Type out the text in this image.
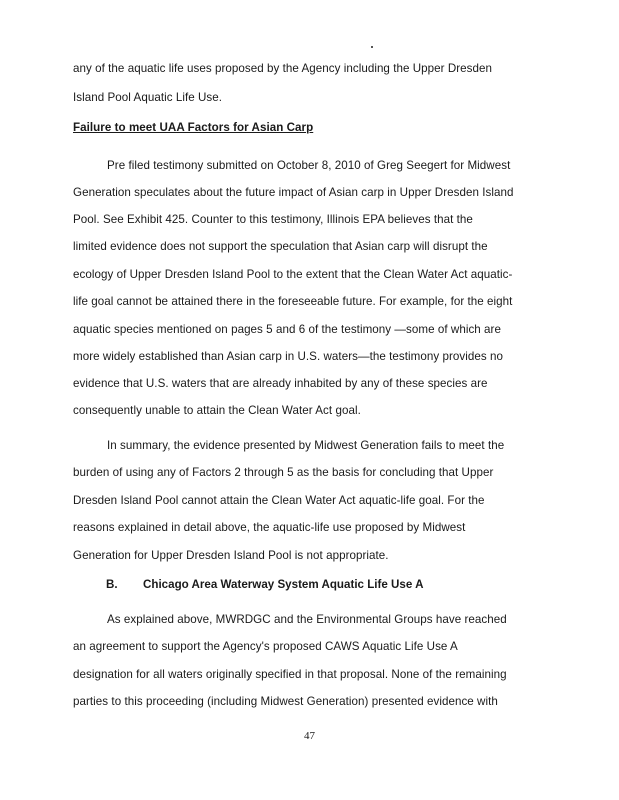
any of the aquatic life uses proposed by the Agency including the Upper Dresden
Island Pool Aquatic Life Use.
Failure to meet UAA Factors for Asian Carp
Pre filed testimony submitted on October 8, 2010 of Greg Seegert for Midwest
Generation speculates about the future impact of Asian carp in Upper Dresden Island
Pool. See Exhibit 425. Counter to this testimony, Illinois EPA believes that the
limited evidence does not support the speculation that Asian carp will disrupt the
ecology of Upper Dresden Island Pool to the extent that the Clean Water Act aquatic-
life goal cannot be attained there in the foreseeable future. For example, for the eight
aquatic species mentioned on pages 5 and 6 of the testimony —some of which are
more widely established than Asian carp in U.S. waters—the testimony provides no
evidence that U.S. waters that are already inhabited by any of these species are
consequently unable to attain the Clean Water Act goal.
In summary, the evidence presented by Midwest Generation fails to meet the
burden of using any of Factors 2 through 5 as the basis for concluding that Upper
Dresden Island Pool cannot attain the Clean Water Act aquatic-life goal. For the
reasons explained in detail above, the aquatic-life use proposed by Midwest
Generation for Upper Dresden Island Pool is not appropriate.
B. Chicago Area Waterway System Aquatic Life Use A
As explained above, MWRDGC and the Environmental Groups have reached
an agreement to support the Agency's proposed CAWS Aquatic Life Use A
designation for all waters originally specified in that proposal. None of the remaining
parties to this proceeding (including Midwest Generation) presented evidence with
47
